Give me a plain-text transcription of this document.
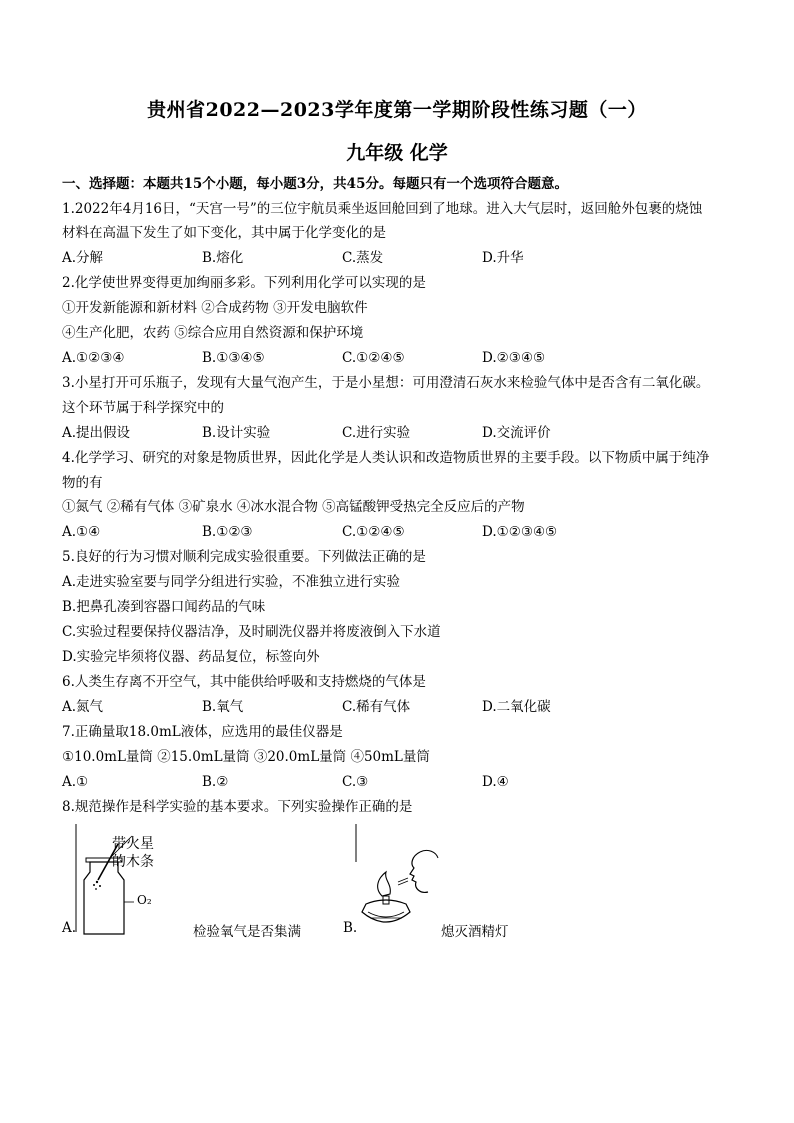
贵州省2022—2023学年度第一学期阶段性练习题（一）
九年级 化学
一、选择题：本题共15个小题，每小题3分，共45分。每题只有一个选项符合题意。
1.2022年4月16日，“天宫一号”的三位宇航员乘坐返回舱回到了地球。进入大气层时，返回舱外包裹的烧蚀
材料在高温下发生了如下变化，其中属于化学变化的是
A.分解	B.熔化	C.蒸发	D.升华
2.化学使世界变得更加绚丽多彩。下列利用化学可以实现的是
①开发新能源和新材料 ②合成药物 ③开发电脑软件
④生产化肥，农药 ⑤综合应用自然资源和保护环境
A.①②③④	B.①③④⑤	C.①②④⑤	D.②③④⑤
3.小星打开可乐瓶子，发现有大量气泡产生，于是小星想：可用澄清石灰水来检验气体中是否含有二氧化碳。
这个环节属于科学探究中的
A.提出假设	B.设计实验	C.进行实验	D.交流评价
4.化学学习、研究的对象是物质世界，因此化学是人类认识和改造物质世界的主要手段。以下物质中属于纯净
物的有
①氮气 ②稀有气体 ③矿泉水 ④冰水混合物 ⑤高锰酸钾受热完全反应后的产物
A.①④	B.①②③	C.①②④⑤	D.①②③④⑤
5.良好的行为习惯对顺利完成实验很重要。下列做法正确的是
A.走进实验室要与同学分组进行实验，不准独立进行实验
B.把鼻孔凑到容器口闻药品的气味
C.实验过程要保持仪器洁净，及时刷洗仪器并将废液倒入下水道
D.实验完毕须将仪器、药品复位，标签向外
6.人类生存离不开空气，其中能供给呼吸和支持燃烧的气体是
A.氮气	B.氧气	C.稀有气体	D.二氧化碳
7.正确量取18.0mL液体，应选用的最佳仪器是
①10.0mL量筒 ②15.0mL量筒 ③20.0mL量筒 ④50mL量筒
A.①	B.②	C.③	D.④
8.规范操作是科学实验的基本要求。下列实验操作正确的是
带火星
的木条
O₂
A.	检验氧气是否集满	B.	熄灭酒精灯
